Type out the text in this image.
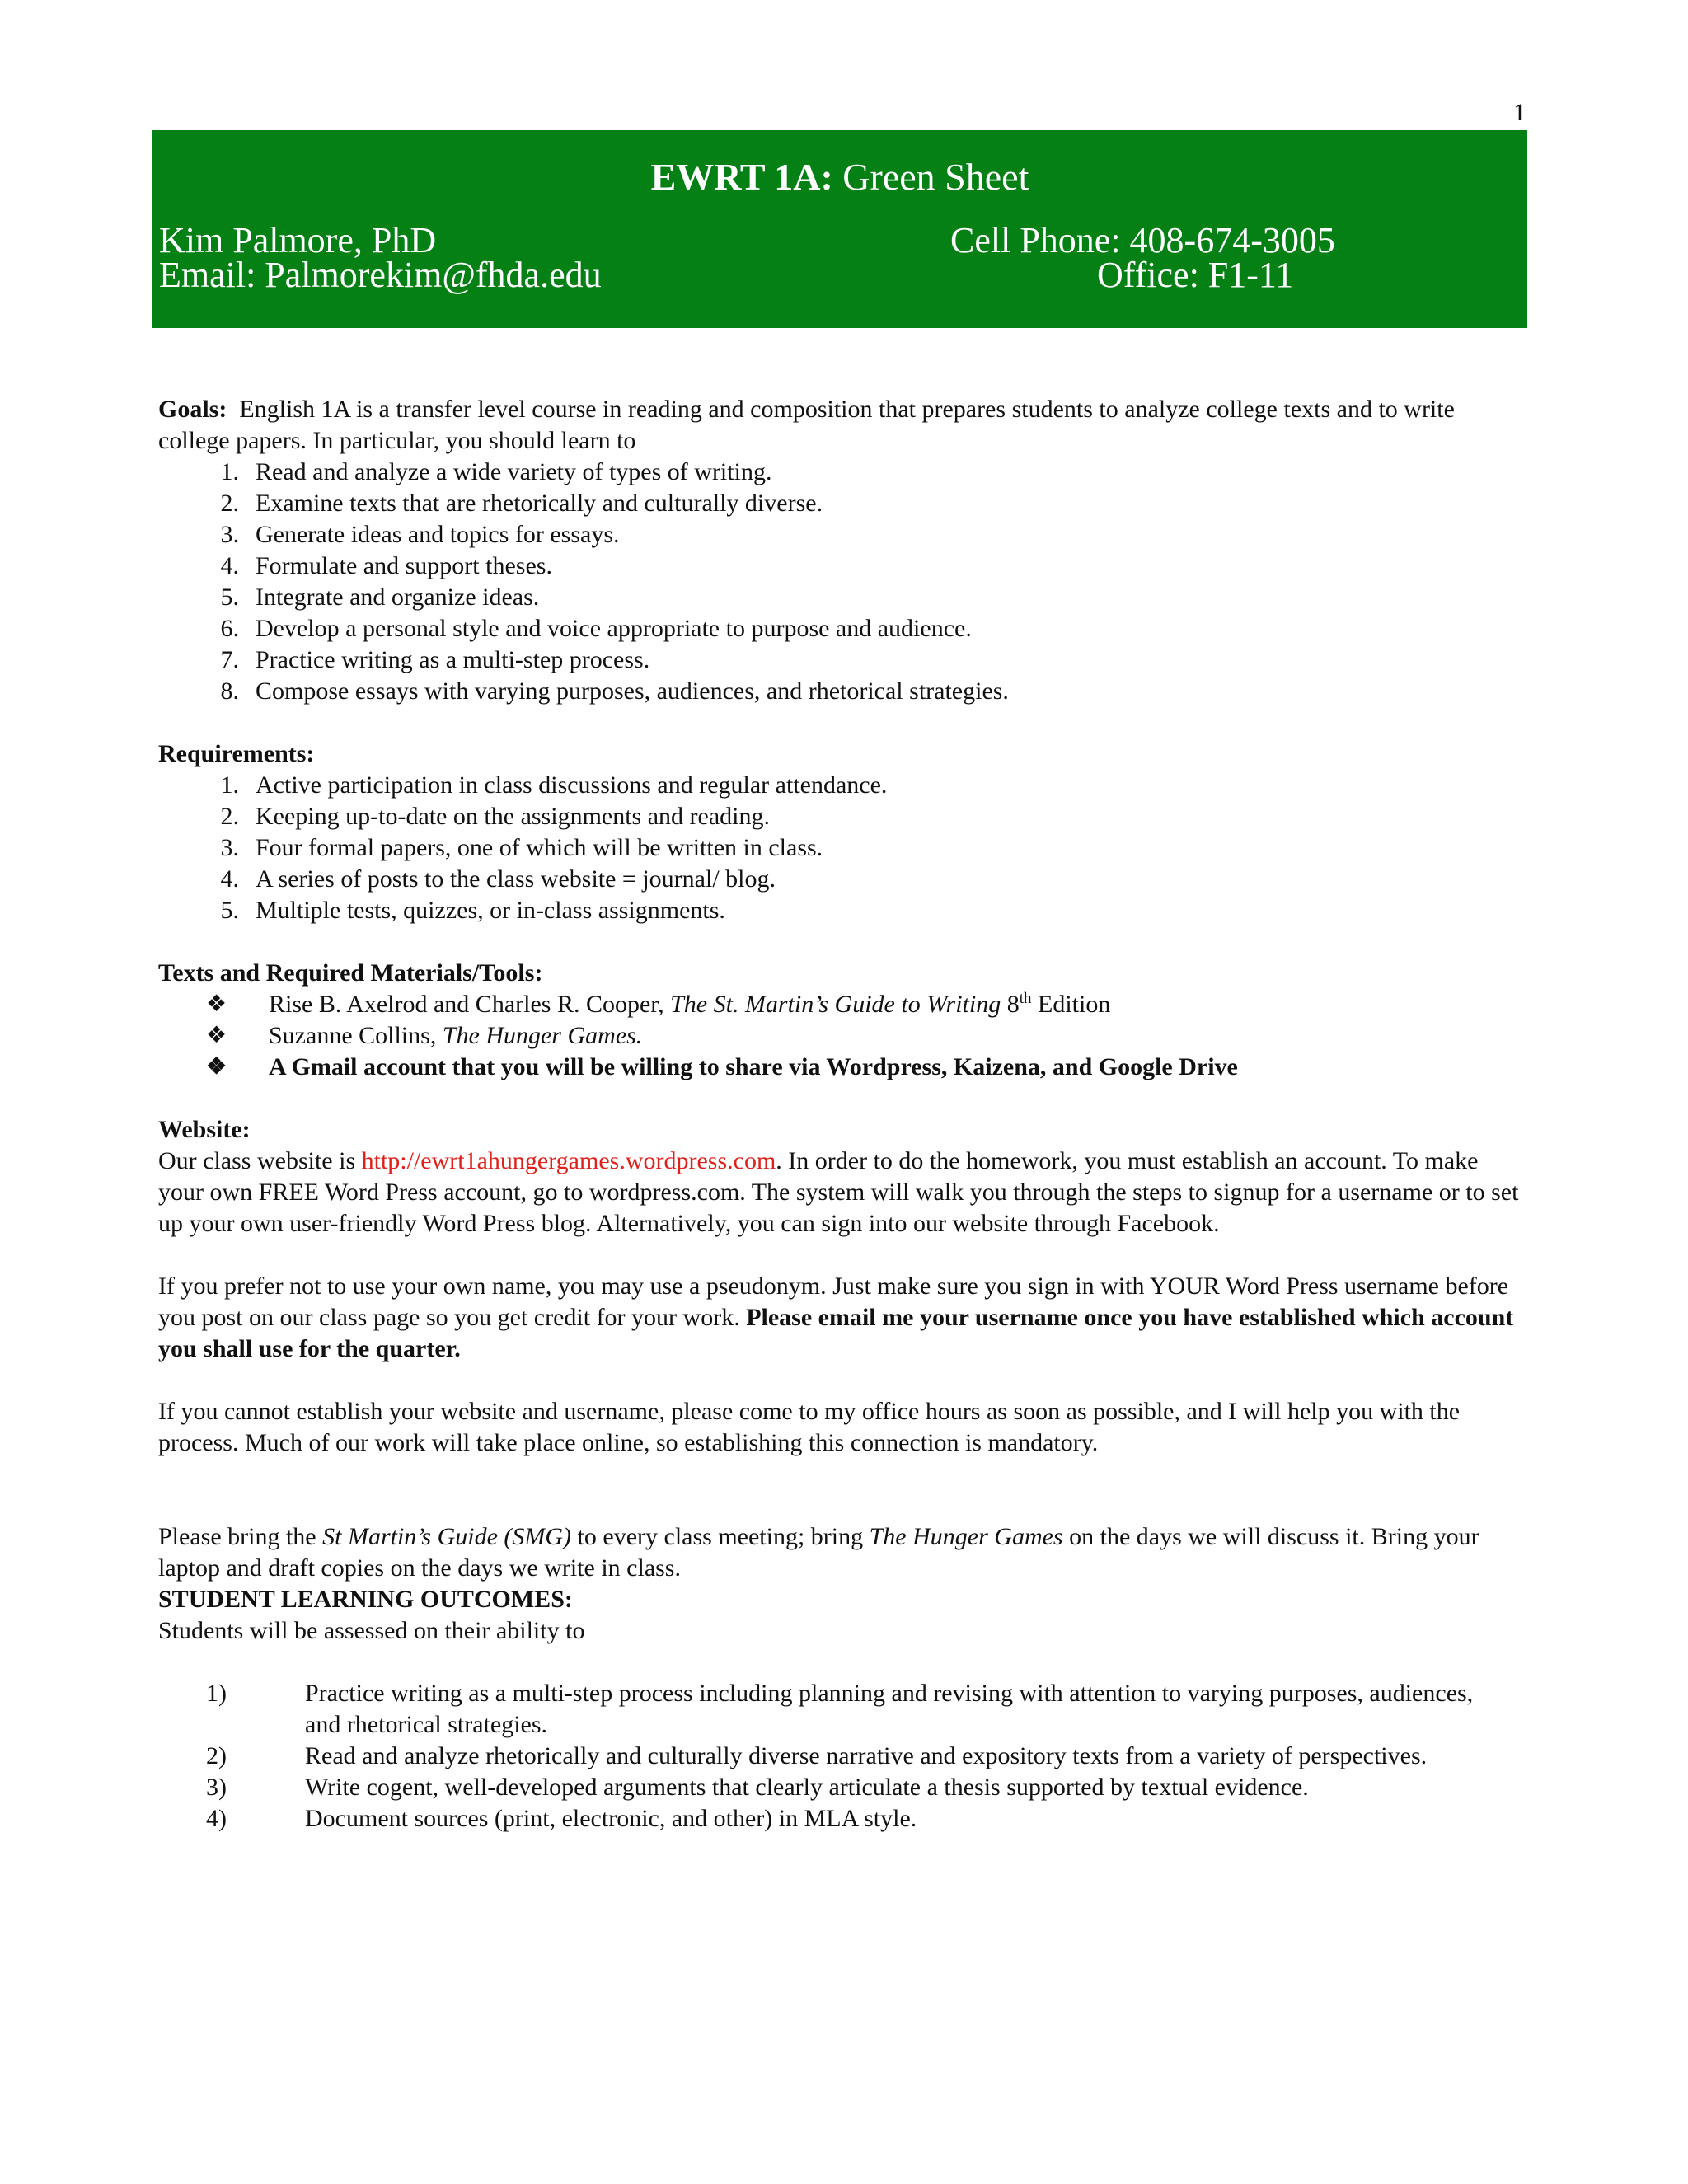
1
EWRT 1A: Green Sheet
Kim Palmore, PhD
Email: Palmorekim@fhda.edu
Cell Phone: 408-674-3005
Office: F1-11

Goals: English 1A is a transfer level course in reading and composition that prepares students to analyze college texts and to write college papers. In particular, you should learn to

1. Read and analyze a wide variety of types of writing.
2. Examine texts that are rhetorically and culturally diverse.
3. Generate ideas and topics for essays.
4. Formulate and support theses.
5. Integrate and organize ideas.
6. Develop a personal style and voice appropriate to purpose and audience.
7. Practice writing as a multi-step process.
8. Compose essays with varying purposes, audiences, and rhetorical strategies.

Requirements:

1. Active participation in class discussions and regular attendance.
2. Keeping up-to-date on the assignments and reading.
3. Four formal papers, one of which will be written in class.
4. A series of posts to the class website = journal/ blog.
5. Multiple tests, quizzes, or in-class assignments.

Texts and Required Materials/Tools:

❖ Rise B. Axelrod and Charles R. Cooper, The St. Martin’s Guide to Writing 8th Edition
❖ Suzanne Collins, The Hunger Games.
❖ A Gmail account that you will be willing to share via Wordpress, Kaizena, and Google Drive

Website:

Our class website is http://ewrt1ahungergames.wordpress.com. In order to do the homework, you must establish an account. To make your own FREE Word Press account, go to wordpress.com. The system will walk you through the steps to signup for a username or to set up your own user-friendly Word Press blog. Alternatively, you can sign into our website through Facebook.

If you prefer not to use your own name, you may use a pseudonym. Just make sure you sign in with YOUR Word Press username before you post on our class page so you get credit for your work. Please email me your username once you have established which account you shall use for the quarter.

If you cannot establish your website and username, please come to my office hours as soon as possible, and I will help you with the process. Much of our work will take place online, so establishing this connection is mandatory.

Please bring the St Martin’s Guide (SMG) to every class meeting; bring The Hunger Games on the days we will discuss it. Bring your laptop and draft copies on the days we write in class.

STUDENT LEARNING OUTCOMES:

Students will be assessed on their ability to

1)	Practice writing as a multi-step process including planning and revising with attention to varying purposes, audiences, and rhetorical strategies.
2)	Read and analyze rhetorically and culturally diverse narrative and expository texts from a variety of perspectives.
3)	Write cogent, well-developed arguments that clearly articulate a thesis supported by textual evidence.
4)	Document sources (print, electronic, and other) in MLA style.
